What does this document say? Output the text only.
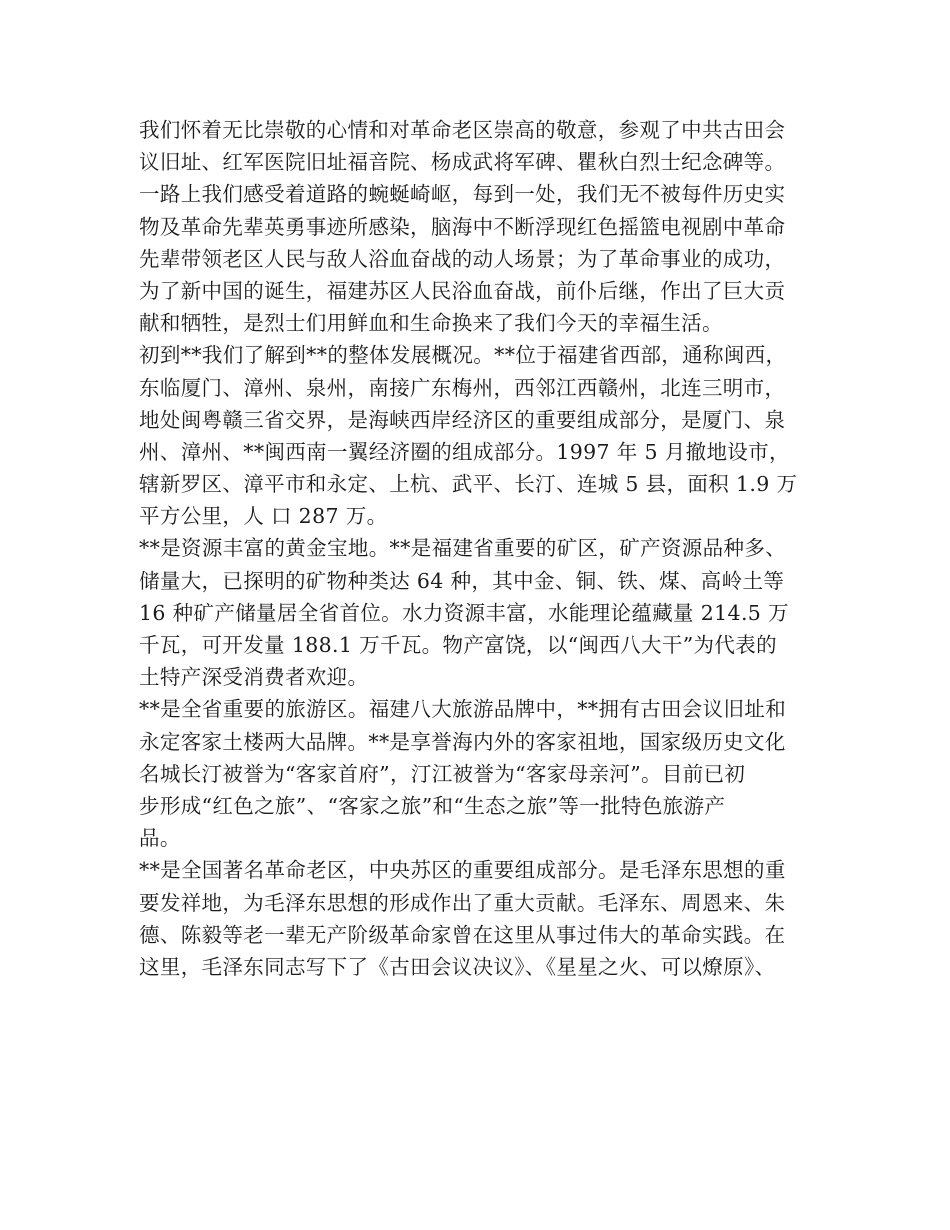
我们怀着无比崇敬的心情和对革命老区崇高的敬意，参观了中共古田会
议旧址、红军医院旧址福音院、杨成武将军碑、瞿秋白烈士纪念碑等。
一路上我们感受着道路的蜿蜒崎岖，每到一处，我们无不被每件历史实
物及革命先辈英勇事迹所感染，脑海中不断浮现红色摇篮电视剧中革命
先辈带领老区人民与敌人浴血奋战的动人场景；为了革命事业的成功，
为了新中国的诞生，福建苏区人民浴血奋战，前仆后继，作出了巨大贡
献和牺牲，是烈士们用鲜血和生命换来了我们今天的幸福生活。
初到**我们了解到**的整体发展概况。**位于福建省西部，通称闽西，
东临厦门、漳州、泉州，南接广东梅州，西邻江西赣州，北连三明市，
地处闽粤赣三省交界，是海峡西岸经济区的重要组成部分，是厦门、泉
州、漳州、**闽西南一翼经济圈的组成部分。1997 年 5 月撤地设市，
辖新罗区、漳平市和永定、上杭、武平、长汀、连城 5 县，面积 1.9 万
平方公里，人 口 287 万。
**是资源丰富的黄金宝地。**是福建省重要的矿区，矿产资源品种多、
储量大，已探明的矿物种类达 64 种，其中金、铜、铁、煤、高岭土等
16 种矿产储量居全省首位。水力资源丰富，水能理论蕴藏量 214.5 万
千瓦，可开发量 188.1 万千瓦。物产富饶，以“闽西八大干”为代表的
土特产深受消费者欢迎。
**是全省重要的旅游区。福建八大旅游品牌中，**拥有古田会议旧址和
永定客家土楼两大品牌。**是享誉海内外的客家祖地，国家级历史文化
名城长汀被誉为“客家首府”，汀江被誉为“客家母亲河”。目前已初
步形成“红色之旅”、“客家之旅”和“生态之旅”等一批特色旅游产
品。
**是全国著名革命老区，中央苏区的重要组成部分。是毛泽东思想的重
要发祥地，为毛泽东思想的形成作出了重大贡献。毛泽东、周恩来、朱
德、陈毅等老一辈无产阶级革命家曾在这里从事过伟大的革命实践。在
这里，毛泽东同志写下了《古田会议决议》、《星星之火、可以燎原》、
